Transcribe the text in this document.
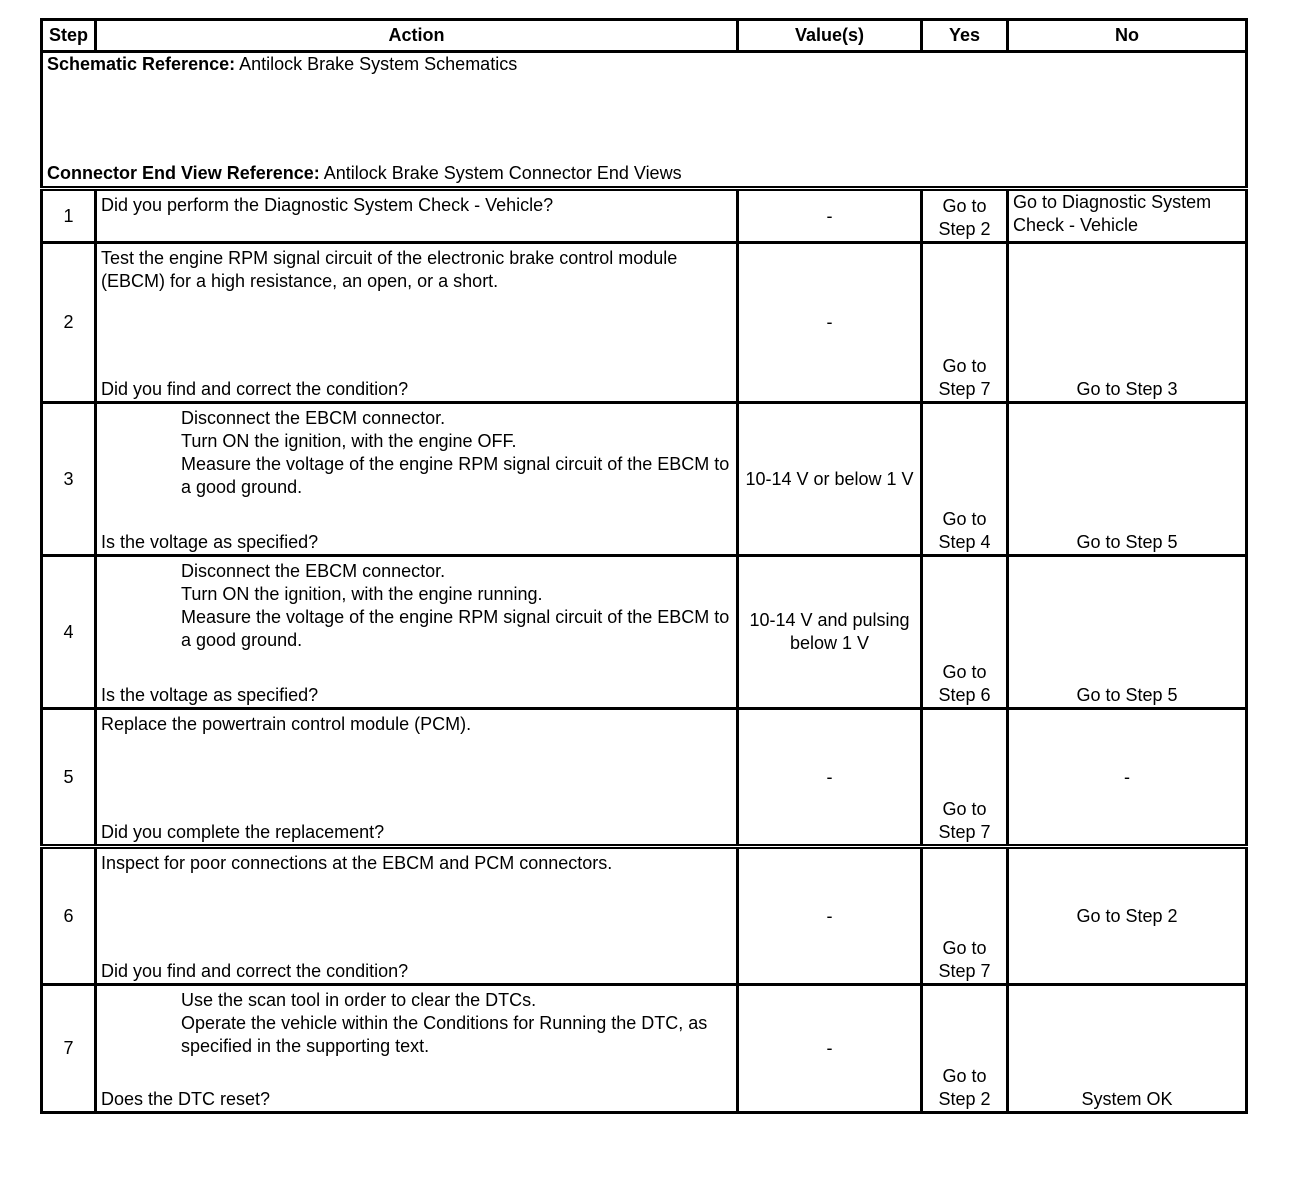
Step	Action	Value(s)	Yes	No

Schematic Reference: Antilock Brake System Schematics
Connector End View Reference: Antilock Brake System Connector End Views				

1	Did you perform the Diagnostic System Check - Vehicle?	-	Go to Step 2	Go to Diagnostic System Check - Vehicle
2	Test the engine RPM signal circuit of the electronic brake control module (EBCM) for a high resistance, an open, or a short.
Did you find and correct the condition?	-	Go to Step 7	Go to Step 3
3	Disconnect the EBCM connector.
Turn ON the ignition, with the engine OFF.
Measure the voltage of the engine RPM signal circuit of the EBCM to a good ground.
Is the voltage as specified?	10-14 V or below 1 V	Go to Step 4	Go to Step 5
4	Disconnect the EBCM connector.
Turn ON the ignition, with the engine running.
Measure the voltage of the engine RPM signal circuit of the EBCM to a good ground.
Is the voltage as specified?	10-14 V and pulsing below 1 V	Go to Step 6	Go to Step 5
5	Replace the powertrain control module (PCM).
Did you complete the replacement?	-	Go to Step 7	-
6	Inspect for poor connections at the EBCM and PCM connectors.
Did you find and correct the condition?	-	Go to Step 7	Go to Step 2
7	Use the scan tool in order to clear the DTCs.
Operate the vehicle within the Conditions for Running the DTC, as specified in the supporting text.
Does the DTC reset?	-	Go to Step 2	System OK
